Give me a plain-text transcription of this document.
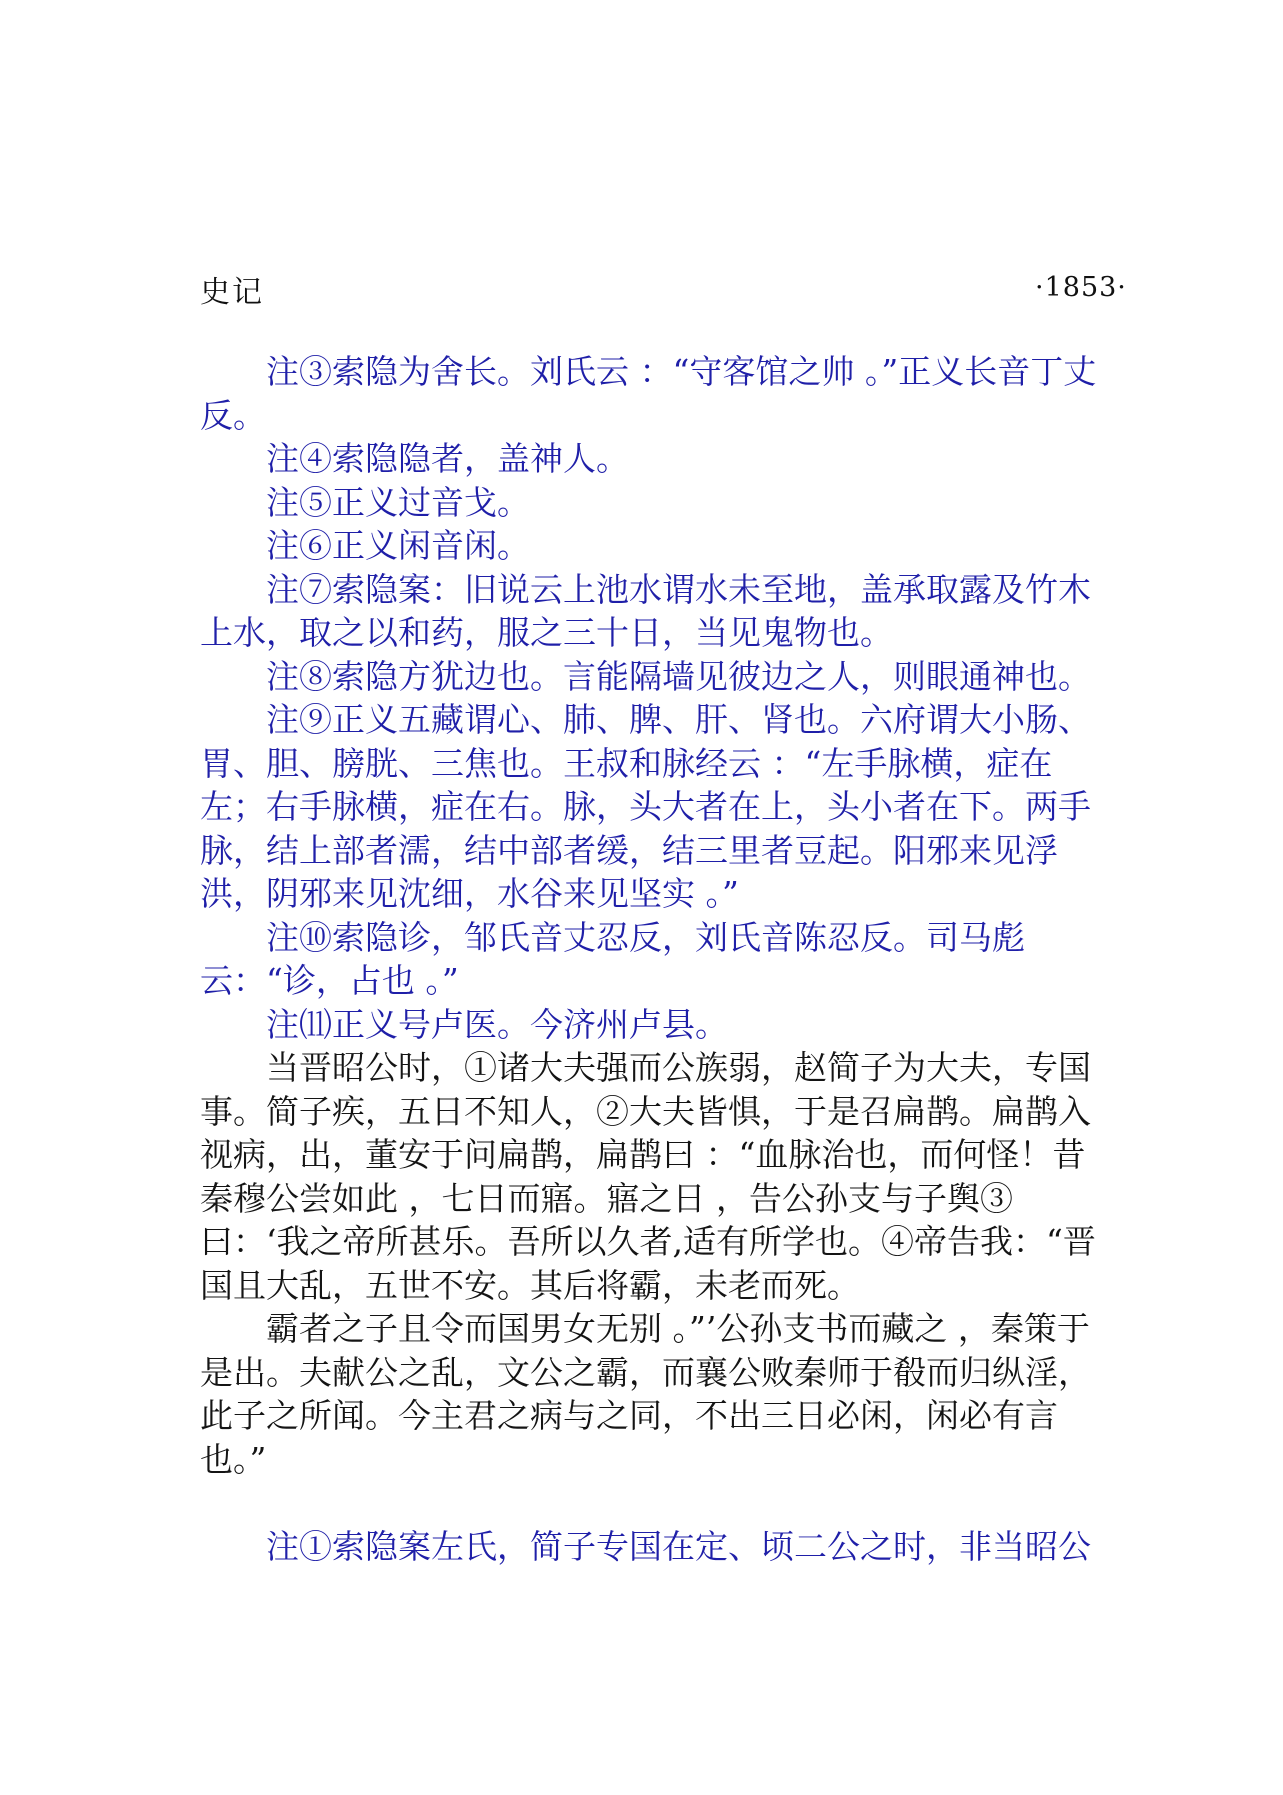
史记	·1853·

注③索隐为舍长。刘氏云 ：“守客馆之帅 。”正义长音丁丈反。

注④索隐隐者，盖神人。

注⑤正义过音戈。

注⑥正义闲音闲。

注⑦索隐案：旧说云上池水谓水未至地，盖承取露及竹木上水，取之以和药，服之三十日，当见鬼物也。

注⑧索隐方犹边也。言能隔墙见彼边之人，则眼通神也。

注⑨正义五藏谓心、肺、脾、肝、肾也。六府谓大小肠、胃、胆、膀胱、三焦也。王叔和脉经云 ：“左手脉横，症在左；右手脉横，症在右。脉，头大者在上，头小者在下。两手脉，结上部者濡，结中部者缓，结三里者豆起。阳邪来见浮洪，阴邪来见沈细，水谷来见坚实 。”

注⑩索隐诊，邹氏音丈忍反，刘氏音陈忍反。司马彪云：“诊，占也 。”

注⑾正义号卢医。今济州卢县。

当晋昭公时，①诸大夫强而公族弱，赵简子为大夫，专国事。简子疾，五日不知人，②大夫皆惧，于是召扁鹊。扁鹊入视病，出，董安于问扁鹊，扁鹊曰 ：“血脉治也，而何怪！昔秦穆公尝如此 ，七日而寤。寤之日 ，告公孙支与子舆③曰：‘我之帝所甚乐。吾所以久者,适有所学也。④帝告我：“晋国且大乱，五世不安。其后将霸，未老而死。

霸者之子且令而国男女无别 。”’公孙支书而藏之 ，秦策于是出。夫献公之乱，文公之霸，而襄公败秦师于殽而归纵淫，此子之所闻。今主君之病与之同，不出三日必闲，闲必有言也。”

注①索隐案左氏，简子专国在定、顷二公之时，非当昭公
